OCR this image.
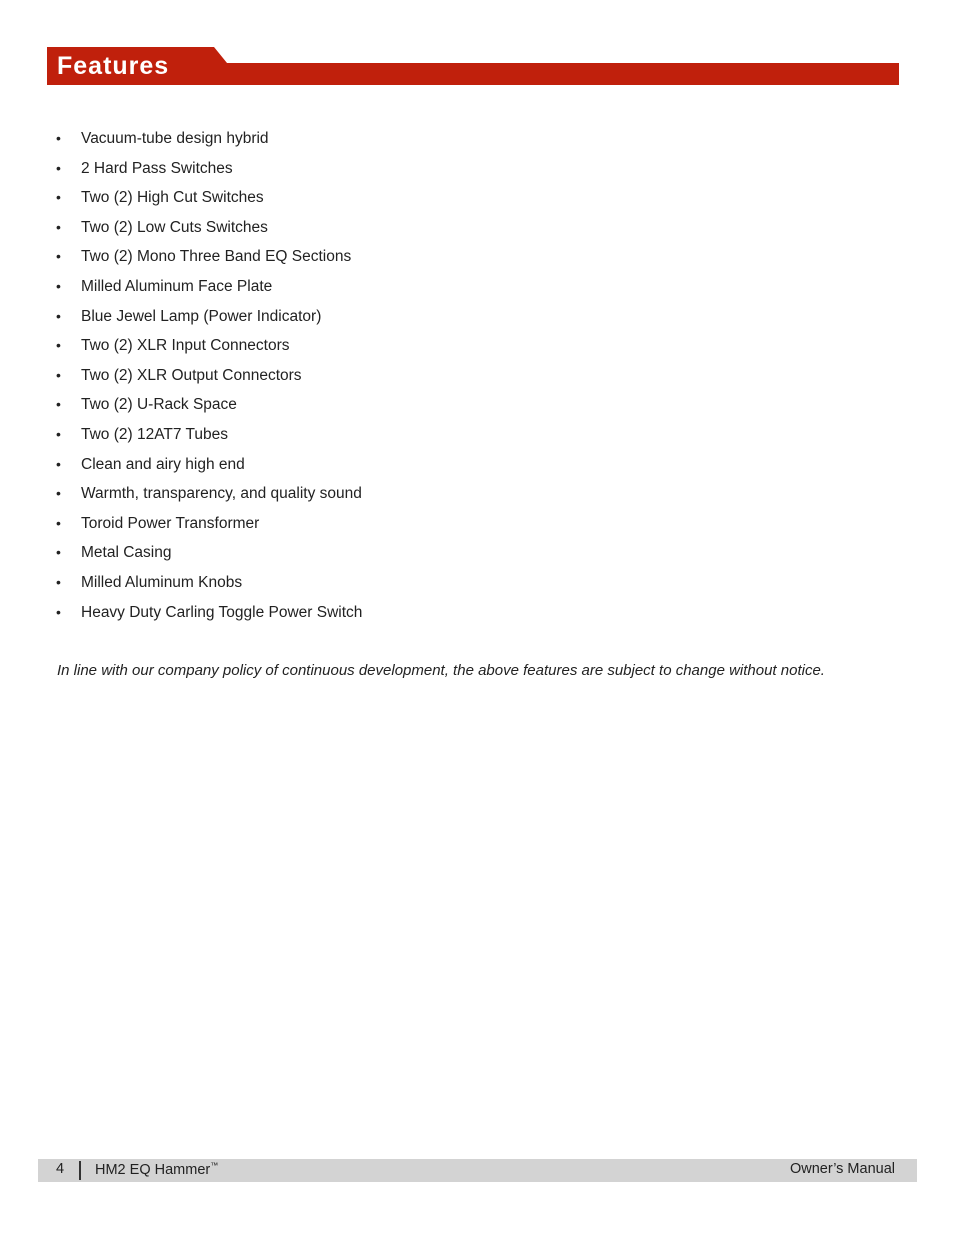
Features
•	Vacuum-tube design hybrid
•	2 Hard Pass Switches
•	Two (2) High Cut Switches
•	Two (2) Low Cuts Switches
•	Two (2) Mono Three Band EQ Sections
•	Milled Aluminum Face Plate
•	Blue Jewel Lamp (Power Indicator)
•	Two (2) XLR Input Connectors
•	Two (2) XLR Output Connectors
•	Two (2) U-Rack Space
•	Two (2) 12AT7 Tubes
•	Clean and airy high end
•	Warmth, transparency, and quality sound
•	Toroid Power Transformer
•	Metal Casing
•	Milled Aluminum Knobs
•	Heavy Duty Carling Toggle Power Switch
In line with our company policy of continuous development, the above features are subject to change without notice.
4 HM2 EQ Hammer™	Owner’s Manual
